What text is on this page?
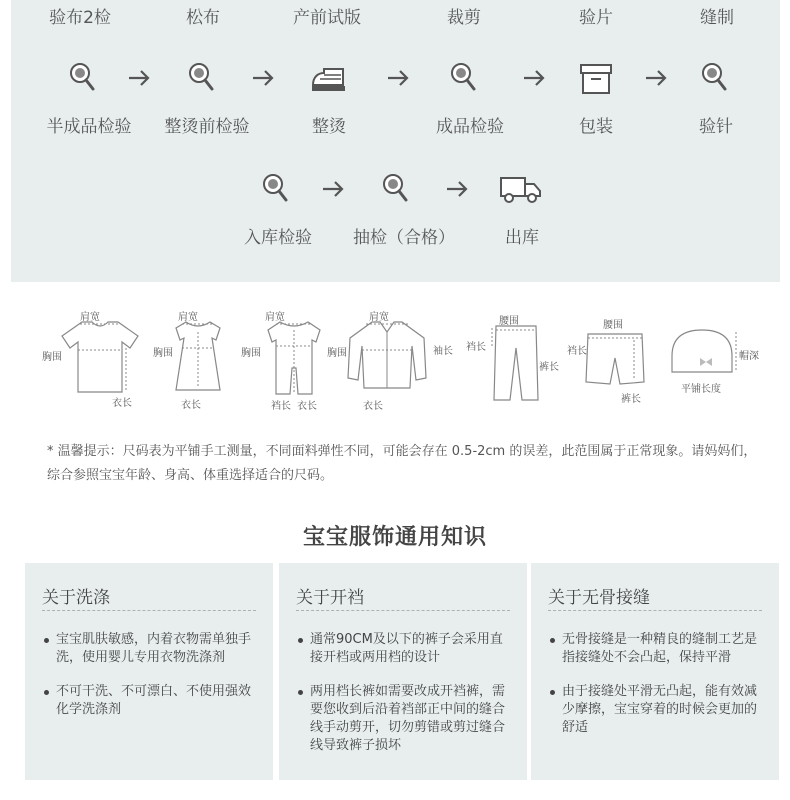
验布2检	松布	产前试版	裁剪	验片	缝制
半成品检验 整烫前检验	整烫	成品检验	包装	验针
入库检验 抽检（合格）	出库
肩宽
胸围
衣长
肩宽
胸围
衣长
肩宽
胸围
裆长 衣长
肩宽
胸围	袖长
衣长
腰围
裆长
裤长
腰围
裆长
裤长
帽深
平铺长度

* 温馨提示：尺码表为平铺手工测量，不同面料弹性不同，可能会存在 0.5-2cm 的误差，此范围属于正常现象。请妈妈们，综合参照宝宝年龄、身高、体重选择适合的尺码。

宝宝服饰通用知识
关于洗涤
宝宝肌肤敏感，内着衣物需单独手洗，使用婴儿专用衣物洗涤剂
不可干洗、不可漂白、不使用强效化学洗涤剂
关于开裆
通常90CM及以下的裤子会采用直接开档或两用档的设计
两用档长裤如需要改成开裆裤，需要您收到后沿着裆部正中间的缝合线手动剪开，切勿剪错或剪过缝合线导致裤子损坏
关于无骨接缝
无骨接缝是一种精良的缝制工艺是指接缝处不会凸起，保持平滑
由于接缝处平滑无凸起，能有效减少摩擦，宝宝穿着的时候会更加的舒适
